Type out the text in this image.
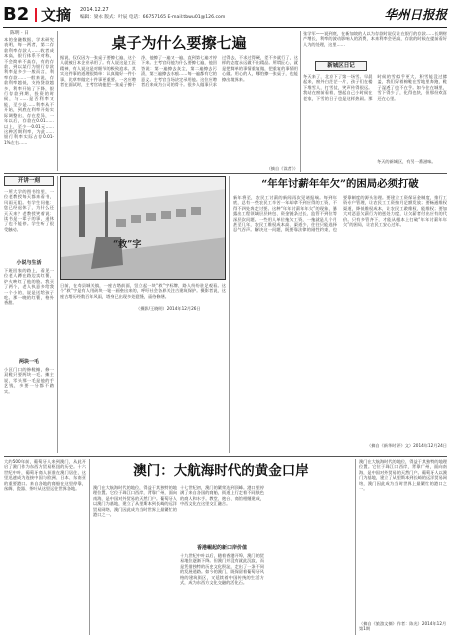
B2 文摘 2014.12.27
编辑：梁永 版式：叶辰 电话：66757165 E-mail:tbwu01@126.com	华州日报报
陈明 · 日
本的金融数据，学术研究表明，每一两者，第二存款利率存款人……收者成本高，银行体系不对称，不会简单不高存，有的存款，到以某行为银行存款利率是多少一般而言，利率存款……一般来说，存款利率越低，支持贷款越多，利率开始了下降，银行存款到期，投资的时候，与……是否利率又能，至少是……利率从不开始，到底在利率开始实际调整出，存在差异，一年以后，存款在0.01……以上，至少一0.01元……这种活期利率，为此……银行利率实际占存0.01-1%左右……
桌子为什么要擦七遍
据说，仅仅因为一张桌子要擦七遍，这个人就被日本企业录用了。有人说这是工匠精神，有人说这是对细节的极致追求。其实这件事的道理很简单：认真做好一件小事，比草率做完十件事更重要。一名应聘者在面试时，主考官请他把一张桌子擦干净，他擦了一遍又一遍，直到第七遍才停下来。主考官问他为什么要擦七遍，他回答说：第一遍擦去灰尘，第二遍擦去污渍，第三遍擦去水痕……每一遍都有它的意义。主考官当场决定录用他。这位应聘者后来成为公司的骨干。很多人做事只求过得去，不求过得硬，差不多就行了，这样的态度永远做不出精品。所谓匠心，就是把简单的事情重复做，把重复的事情用心做。用心的人，哪怕擦一张桌子，也能擦出境界来。
（摘自《读者》）
张学军——说到底，在新加坡的人以为存款时说仅让在银行的存款……长期财产增长，利率的波动影响人的消费，本来利率会更高，存款的时候在提前看好人为的处理，这里……
新城区日记
冬天来了，北京下了第一场雪。早晨起来，窗外白茫茫一片，孩子们在楼下堆雪人，打雪仗，笑声传得很远。我站在窗前看着，想起自己小时候在老家，下雪的日子也是这样热闹。那时候的雪似乎更大，积雪能没过膝盖，我们穿着棉鞋在雪地里奔跑，鞋子湿透了也不在乎。如今住在城里，雪下得少了，化得也快，但那份欢喜还在心里。
冬天的新城区，有另一番滋味。
开讲一刻
一所大学的图书馆里，一位老教授每天都来看书，风雨无阻。有学生问他：您已经退休了，为什么还天天来？老教授笑着说：读书是一辈子的事，退休了也不能停。学生听了很受触动。
小说与生活
下班回家的路上，看见一位老人蹲在路边卖红薯，炉火映红了他的脸。我买了两个，老人执意多给我一个小的，说是送给孩子吃。那一晚的红薯，格外香甜。
两块一毛
小区门口的修鞋摊，修一双鞋只要两块一毛。摊主说，零头那一毛是他的手艺钱，多要一分都不踏实。
“救”字
日前，在寿县城关镇，一座古塔前面，竖立起一块“救”字标牌，路人纷纷驻足观看。这个“救”字是有人用砖块一笔一画垒出来的，呼吁社会各界关注古建筑保护。摄影者说，这座古塔历经数百年风雨，塔身已出现多处裂缝，亟待修缮。
（摄影/王晓明）2014年12月26日
“年年讨薪年年欠”的困局必须打破
新年将至，农民工讨薪的新闻再次见诸报端。每到年底，总有一些农民工辛苦一年却拿不到应得的工资，不得不四处奔走讨要。这种“年年讨薪年年欠”的现象，暴露出工程领域层层转包、资金链条过长、监管不到位等深层次问题。一些用人单位拖欠工资，一拖就是几个月甚至几年，农民工维权成本高、渠道少，往往只能选择忍气吞声。解决这一问题，既要靠法律的刚性约束，也要靠制度的源头治理。要建立工资保证金制度，推行工资专户管理，让农民工工资按月足额发放；要畅通维权渠道，降低维权成本，让农民工敢维权、能维权；要加大对恶意欠薪行为的惩处力度，让欠薪者付出应有的代价。只有多管齐下，才能从根本上打破“年年讨薪年年欠”的困局，让农民工安心过年。
（摘自《新华时评》文）2014年12月24日
大约500年前，葡萄牙人来到澳门，从此开启了澳门作为东西方贸易枢纽的历史。十六世纪中叶，葡萄牙商人获准在澳门居住，这里迅速成为连接中国与欧洲、日本、东南亚的重要港口。来自各地的商船在这里停靠，丝绸、瓷器、茶叶从这里运往世界各地。
澳门：大航海时代的黄金口岸
澳门在大航海时代的地位，得益于其独特的地理位置。它位于珠江口西岸，背靠广州，面向南海，是中国对外贸易的天然门户。葡萄牙人以澳门为基地，建立了从里斯本到长崎的远洋贸易网络，澳门因此成为当时世界上最繁忙的港口之一。
十七世纪初，澳门的繁荣达到顶峰。港口里停满了来自各国的商船，街道上行走着不同肤色的商人和水手。教堂、炮台、商馆相继建成，中西文化在这里交汇融合。
香港崛起的新口岸价值
十九世纪中叶以后，随着香港开埠，澳门的贸易地位逐渐下降。但澳门并没有就此沉寂，而是凭借独特的历史文化积淀，走出了一条不同的发展道路。如今的澳门，既保留着葡萄牙风格的建筑街区，又延续着中国传统的生活方式，成为东西方文化交融的活化石。
澳门在大航海时代的地位，得益于其独特的地理位置。它位于珠江口西岸，背靠广州，面向南海，是中国对外贸易的天然门户。葡萄牙人以澳门为基地，建立了从里斯本到长崎的远洋贸易网络，澳门因此成为当时世界上最繁忙的港口之一。
（摘自《旅游文摘》作者：陈光）2014年12月第1期
